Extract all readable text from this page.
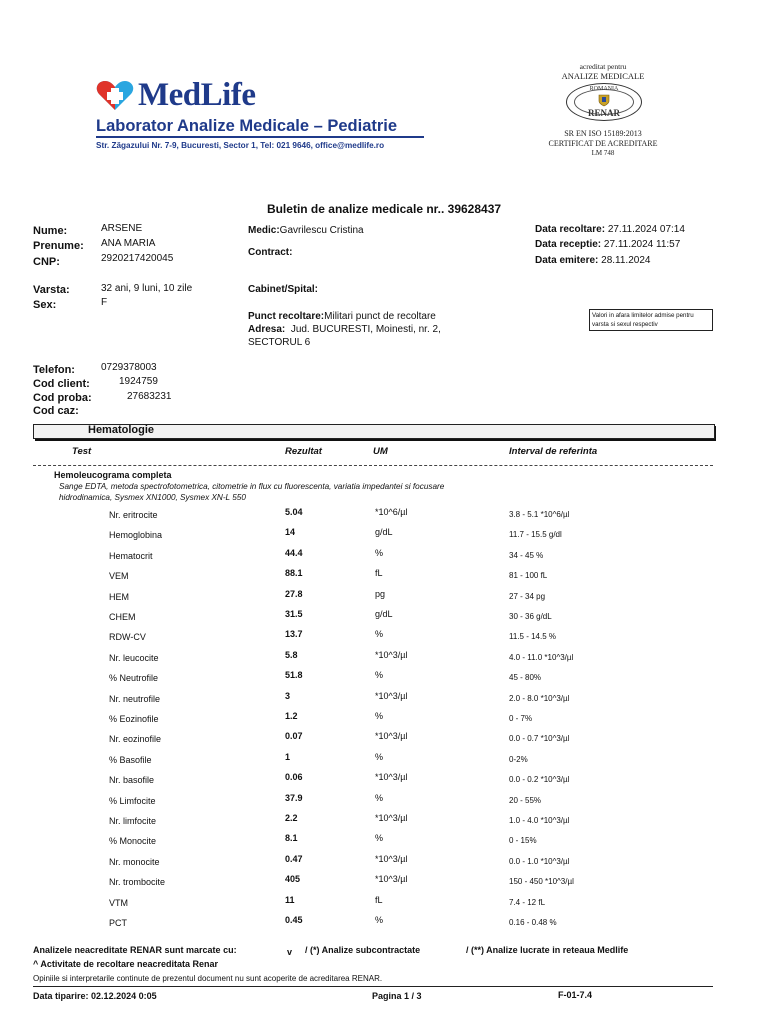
MedLife
Laborator Analize Medicale – Pediatrie
Str. Zăgazului Nr. 7-9, Bucuresti, Sector 1, Tel: 021 9646, office@medlife.ro
acreditat pentru
ANALIZE MEDICALE
ROMANIA
RENAR
SR EN ISO 15189:2013
CERTIFICAT DE ACREDITARE
LM 748
Buletin de analize medicale nr.. 39628437
Nume:	ARSENE
Prenume: ANA MARIA
CNP:	2920217420045
Varsta:	32 ani, 9 luni, 10 zile
Sex:	F
Telefon:	0729378003
Cod client:	1924759
Cod proba:	27683231
Cod caz:
Medic:Gavrilescu Cristina
Contract:
Cabinet/Spital:
Punct recoltare:Militari punct de recoltare
Adresa: Jud. BUCURESTI, Moinesti, nr. 2,
SECTORUL 6
Data recoltare: 27.11.2024 07:14
Data receptie: 27.11.2024 11:57
Data emitere: 28.11.2024
Valori in afara limitelor admise pentru varsta si sexul respectiv
Hematologie
Test	Rezultat	UM	Interval de referinta
Hemoleucograma completa
Sange EDTA, metoda spectrofotometrica, citometrie in flux cu fluorescenta, variatia impedantei si focusare hidrodinamica, Sysmex XN1000, Sysmex XN-L 550
Nr. eritrocite	5.04	*10^6/µl	3.8 - 5.1 *10^6/µl
Hemoglobina	14	g/dL	11.7 - 15.5 g/dl
Hematocrit	44.4	%	34 - 45 %
VEM	88.1	fL	81 - 100 fL
HEM	27.8	pg	27 - 34 pg
CHEM	31.5	g/dL	30 - 36 g/dL
RDW-CV	13.7	%	11.5 - 14.5 %
Nr. leucocite	5.8	*10^3/µl	4.0 - 11.0 *10^3/µl
% Neutrofile	51.8	%	45 - 80%
Nr. neutrofile	3	*10^3/µl	2.0 - 8.0 *10^3/µl
% Eozinofile	1.2	%	0 - 7%
Nr. eozinofile	0.07	*10^3/µl	0.0 - 0.7 *10^3/µl
% Basofile	1	%	0-2%
Nr. basofile	0.06	*10^3/µl	0.0 - 0.2 *10^3/µl
% Limfocite	37.9	%	20 - 55%
Nr. limfocite	2.2	*10^3/µl	1.0 - 4.0 *10^3/µl
% Monocite	8.1	%	0 - 15%
Nr. monocite	0.47	*10^3/µl	0.0 - 1.0 *10^3/µl
Nr. trombocite	405	*10^3/µl	150 - 450 *10^3/µl
VTM	11	fL	7.4 - 12 fL
PCT	0.45	%	0.16 - 0.48 %
Analizele neacreditate RENAR sunt marcate cu:	v / (*) Analize subcontractate	/ (**) Analize lucrate in reteaua Medlife
^ Activitate de recoltare neacreditata Renar
Opiniile si interpretarile continute de prezentul document nu sunt acoperite de acreditarea RENAR.
Data tiparire: 02.12.2024 0:05	Pagina 1 / 3	F-01-7.4
